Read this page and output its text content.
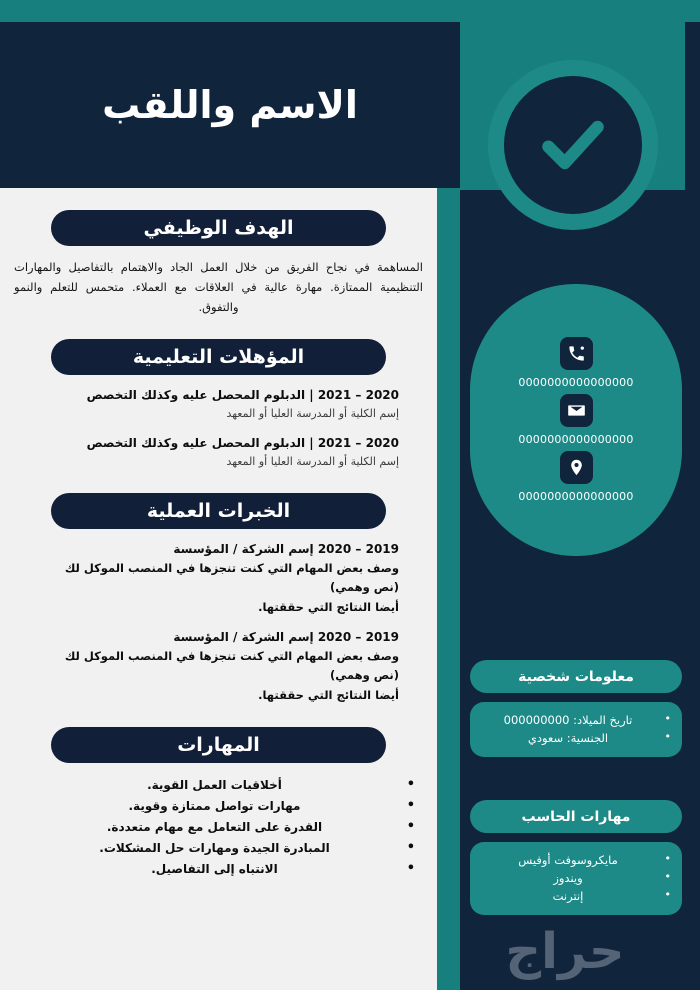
0000000000000000
0000000000000000
0000000000000000
معلومات شخصية
• تاريخ الميلاد: 000000000
• الجنسية: سعودي
مهارات الحاسب
• مايكروسوفت أوفيس
• ويندوز
• إنترنت
حراج
الاسم واللقب
الهدف الوظيفي
المساهمة في نجاح الفريق من خلال العمل الجاد والاهتمام بالتفاصيل والمهارات التنظيمية الممتازة. مهارة عالية في العلاقات مع العملاء. متحمس للتعلم والنمو والتفوق.
المؤهلات التعليمية
2020 – 2021 | الدبلوم المحصل عليه وكذلك التخصص
إسم الكلية أو المدرسة العليا أو المعهد
2020 – 2021 | الدبلوم المحصل عليه وكذلك التخصص
إسم الكلية أو المدرسة العليا أو المعهد
الخبرات العملية
2019 – 2020 إسم الشركة / المؤسسة
وصف بعض المهام التي كنت تنجزها في المنصب الموكل لك (نص وهمي)
أيضا النتائج التي حققتها.
2019 – 2020 إسم الشركة / المؤسسة
وصف بعض المهام التي كنت تنجزها في المنصب الموكل لك (نص وهمي)
أيضا النتائج التي حققتها.
المهارات
• أخلاقيات العمل القوية.
• مهارات تواصل ممتازة وقوية.
• القدرة على التعامل مع مهام متعددة.
• المبادرة الجيدة ومهارات حل المشكلات.
• الانتباه إلى التفاصيل.
